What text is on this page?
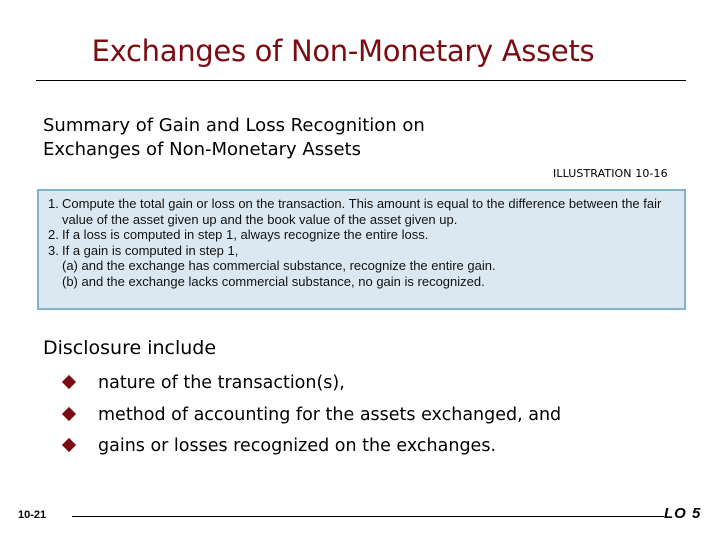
Exchanges of Non-Monetary Assets
Summary of Gain and Loss Recognition on Exchanges of Non-Monetary Assets
ILLUSTRATION 10-16
1. Compute the total gain or loss on the transaction. This amount is equal to the difference between the fair value of the asset given up and the book value of the asset given up.
2. If a loss is computed in step 1, always recognize the entire loss.
3. If a gain is computed in step 1,
(a) and the exchange has commercial substance, recognize the entire gain.
(b) and the exchange lacks commercial substance, no gain is recognized.
Disclosure include
nature of the transaction(s),
method of accounting for the assets exchanged, and
gains or losses recognized on the exchanges.
10-21	LO 5
